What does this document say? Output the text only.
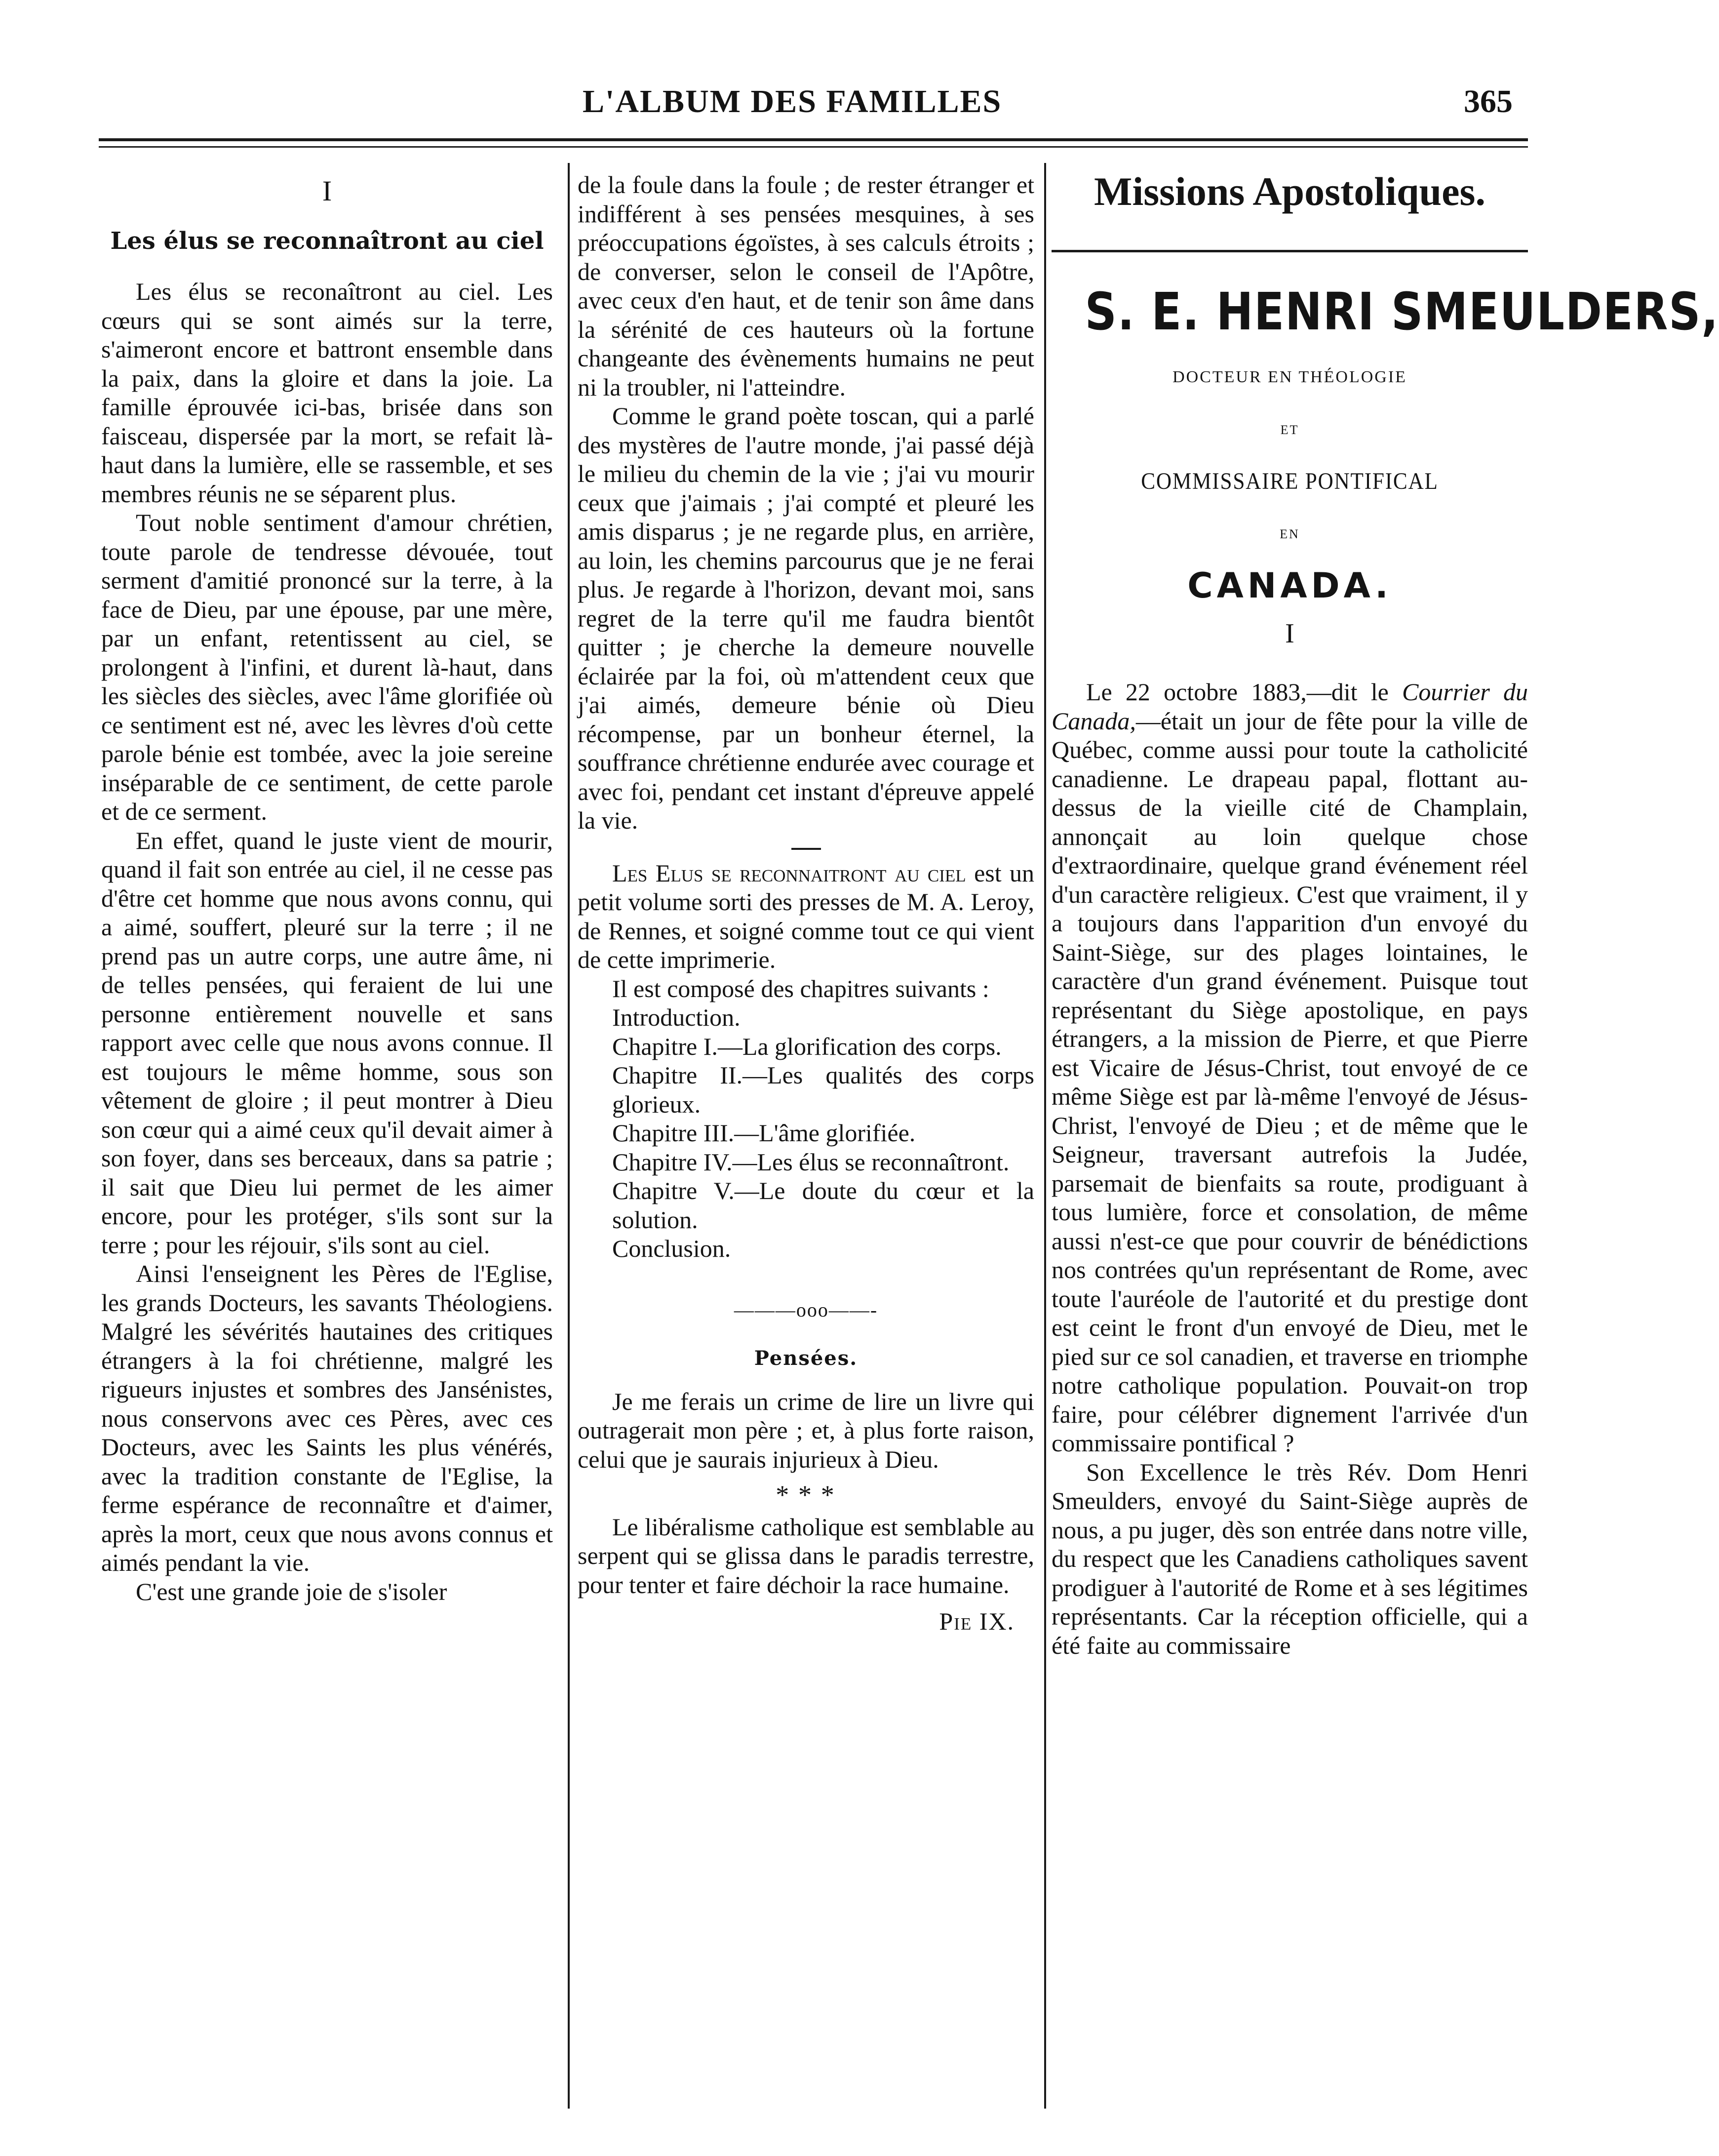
L'ALBUM DES FAMILLES	365
I
Les élus se reconnaîtront au ciel

Les élus se reconaîtront au ciel. Les cœurs qui se sont aimés sur la terre, s'aimeront encore et battront ensemble dans la paix, dans la gloire et dans la joie. La famille éprouvée ici-bas, brisée dans son faisceau, dispersée par la mort, se refait là-haut dans la lumière, elle se rassemble, et ses membres réunis ne se séparent plus.

Tout noble sentiment d'amour chrétien, toute parole de tendresse dévouée, tout serment d'amitié prononcé sur la terre, à la face de Dieu, par une épouse, par une mère, par un enfant, retentissent au ciel, se prolongent à l'infini, et durent là-haut, dans les siècles des siècles, avec l'âme glorifiée où ce sentiment est né, avec les lèvres d'où cette parole bénie est tombée, avec la joie sereine inséparable de ce sentiment, de cette parole et de ce serment.

En effet, quand le juste vient de mourir, quand il fait son entrée au ciel, il ne cesse pas d'être cet homme que nous avons connu, qui a aimé, souffert, pleuré sur la terre ; il ne prend pas un autre corps, une autre âme, ni de telles pensées, qui feraient de lui une personne entièrement nouvelle et sans rapport avec celle que nous avons connue. Il est toujours le même homme, sous son vêtement de gloire ; il peut montrer à Dieu son cœur qui a aimé ceux qu'il devait aimer à son foyer, dans ses berceaux, dans sa patrie ; il sait que Dieu lui permet de les aimer encore, pour les protéger, s'ils sont sur la terre ; pour les réjouir, s'ils sont au ciel.

Ainsi l'enseignent les Pères de l'Eglise, les grands Docteurs, les savants Théologiens. Malgré les sévérités hautaines des critiques étrangers à la foi chrétienne, malgré les rigueurs injustes et sombres des Jansénistes, nous conservons avec ces Pères, avec ces Docteurs, avec les Saints les plus vénérés, avec la tradition constante de l'Eglise, la ferme espérance de reconnaître et d'aimer, après la mort, ceux que nous avons connus et aimés pendant la vie.

C'est une grande joie de s'isoler

de la foule dans la foule ; de rester étranger et indifférent à ses pensées mesquines, à ses préoccupations égoïstes, à ses calculs étroits ; de converser, selon le conseil de l'Apôtre, avec ceux d'en haut, et de tenir son âme dans la sérénité de ces hauteurs où la fortune changeante des évènements humains ne peut ni la troubler, ni l'atteindre.

Comme le grand poète toscan, qui a parlé des mystères de l'autre monde, j'ai passé déjà le milieu du chemin de la vie ; j'ai vu mourir ceux que j'aimais ; j'ai compté et pleuré les amis disparus ; je ne regarde plus, en arrière, au loin, les chemins parcourus que je ne ferai plus. Je regarde à l'horizon, devant moi, sans regret de la terre qu'il me faudra bientôt quitter ; je cherche la demeure nouvelle éclairée par la foi, où m'attendent ceux que j'ai aimés, demeure bénie où Dieu récompense, par un bonheur éternel, la souffrance chrétienne endurée avec courage et avec foi, pendant cet instant d'épreuve appelé la vie.

Les Elus se reconnaitront au ciel est un petit volume sorti des presses de M. A. Leroy, de Rennes, et soigné comme tout ce qui vient de cette imprimerie.

Il est composé des chapitres suivants :

Introduction.
Chapitre I.—La glorification des corps.
Chapitre II.—Les qualités des corps glorieux.
Chapitre III.—L'âme glorifiée.
Chapitre IV.—Les élus se reconnaîtront.
Chapitre V.—Le doute du cœur et la solution.
Conclusion.
———ooo——-
Pensées.

Je me ferais un crime de lire un livre qui outragerait mon père ; et, à plus forte raison, celui que je saurais injurieux à Dieu.

* * *

Le libéralisme catholique est semblable au serpent qui se glissa dans le paradis terrestre, pour tenter et faire déchoir la race humaine.

Pie IX.
Missions Apostoliques.
S. E. HENRI SMEULDERS,
DOCTEUR EN THÉOLOGIE
ET
COMMISSAIRE PONTIFICAL
EN
CANADA.
I

Le 22 octobre 1883,—dit le Courrier du Canada,—était un jour de fête pour la ville de Québec, comme aussi pour toute la catholicité canadienne. Le drapeau papal, flottant au-dessus de la vieille cité de Champlain, annonçait au loin quelque chose d'extraordinaire, quelque grand événement réel d'un caractère religieux. C'est que vraiment, il y a toujours dans l'apparition d'un envoyé du Saint-Siège, sur des plages lointaines, le caractère d'un grand événement. Puisque tout représentant du Siège apostolique, en pays étrangers, a la mission de Pierre, et que Pierre est Vicaire de Jésus-Christ, tout envoyé de ce même Siège est par là-même l'envoyé de Jésus-Christ, l'envoyé de Dieu ; et de même que le Seigneur, traversant autrefois la Judée, parsemait de bienfaits sa route, prodiguant à tous lumière, force et consolation, de même aussi n'est-ce que pour couvrir de bénédictions nos contrées qu'un représentant de Rome, avec toute l'auréole de l'autorité et du prestige dont est ceint le front d'un envoyé de Dieu, met le pied sur ce sol canadien, et traverse en triomphe notre catholique population. Pouvait-on trop faire, pour célébrer dignement l'arrivée d'un commissaire pontifical ?

Son Excellence le très Rév. Dom Henri Smeulders, envoyé du Saint-Siège auprès de nous, a pu juger, dès son entrée dans notre ville, du respect que les Canadiens catholiques savent prodiguer à l'autorité de Rome et à ses légitimes représentants. Car la réception officielle, qui a été faite au commissaire
